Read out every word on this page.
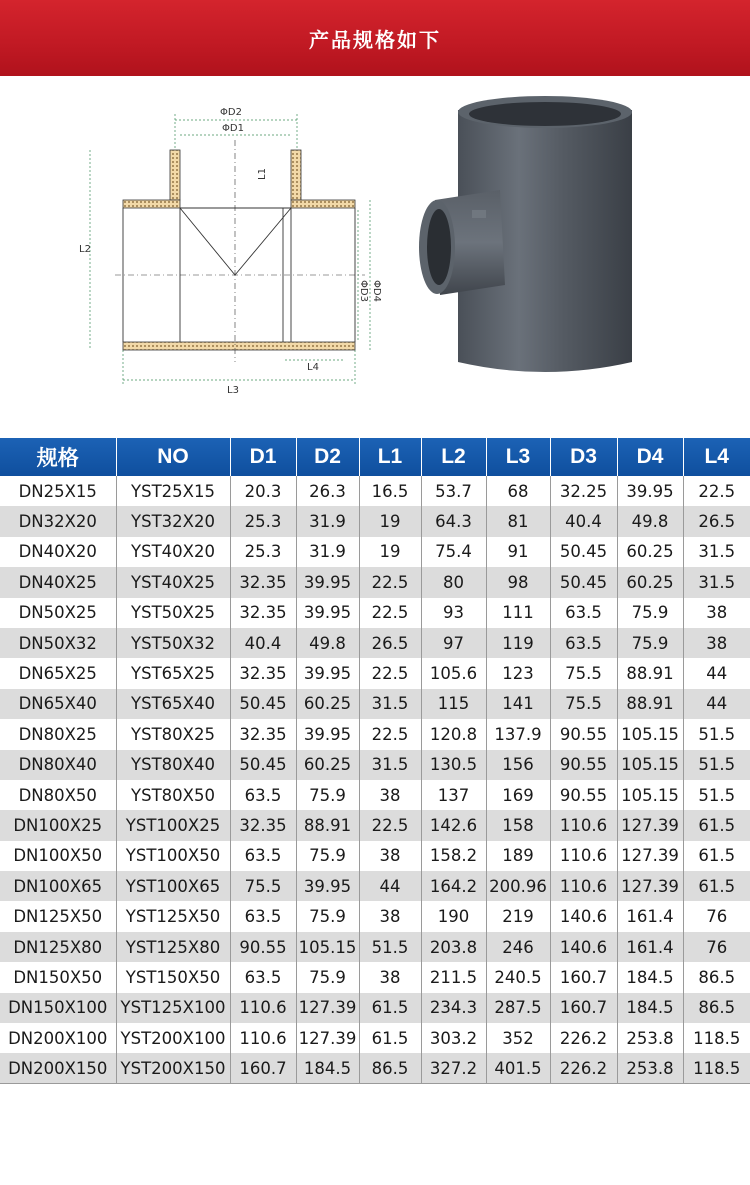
产品规格如下
ΦD2
ΦD1
L1
L2
ΦD3 ΦD4
L4
L3
规格	NO	D1	D2	L1	L2	L3	D3	D4	L4
DN25X15	YST25X15	20.3	26.3	16.5	53.7	68	32.25	39.95	22.5
DN32X20	YST32X20	25.3	31.9	19	64.3	81	40.4	49.8	26.5
DN40X20	YST40X20	25.3	31.9	19	75.4	91	50.45	60.25	31.5
DN40X25	YST40X25	32.35	39.95	22.5	80	98	50.45	60.25	31.5
DN50X25	YST50X25	32.35	39.95	22.5	93	111	63.5	75.9	38
DN50X32	YST50X32	40.4	49.8	26.5	97	119	63.5	75.9	38
DN65X25	YST65X25	32.35	39.95	22.5	105.6	123	75.5	88.91	44
DN65X40	YST65X40	50.45	60.25	31.5	115	141	75.5	88.91	44
DN80X25	YST80X25	32.35	39.95	22.5	120.8	137.9	90.55	105.15	51.5
DN80X40	YST80X40	50.45	60.25	31.5	130.5	156	90.55	105.15	51.5
DN80X50	YST80X50	63.5	75.9	38	137	169	90.55	105.15	51.5
DN100X25	YST100X25	32.35	88.91	22.5	142.6	158	110.6	127.39	61.5
DN100X50	YST100X50	63.5	75.9	38	158.2	189	110.6	127.39	61.5
DN100X65	YST100X65	75.5	39.95	44	164.2	200.96	110.6	127.39	61.5
DN125X50	YST125X50	63.5	75.9	38	190	219	140.6	161.4	76
DN125X80	YST125X80	90.55	105.15	51.5	203.8	246	140.6	161.4	76
DN150X50	YST150X50	63.5	75.9	38	211.5	240.5	160.7	184.5	86.5
DN150X100	YST125X100	110.6	127.39	61.5	234.3	287.5	160.7	184.5	86.5
DN200X100	YST200X100	110.6	127.39	61.5	303.2	352	226.2	253.8	118.5
DN200X150	YST200X150	160.7	184.5	86.5	327.2	401.5	226.2	253.8	118.5
